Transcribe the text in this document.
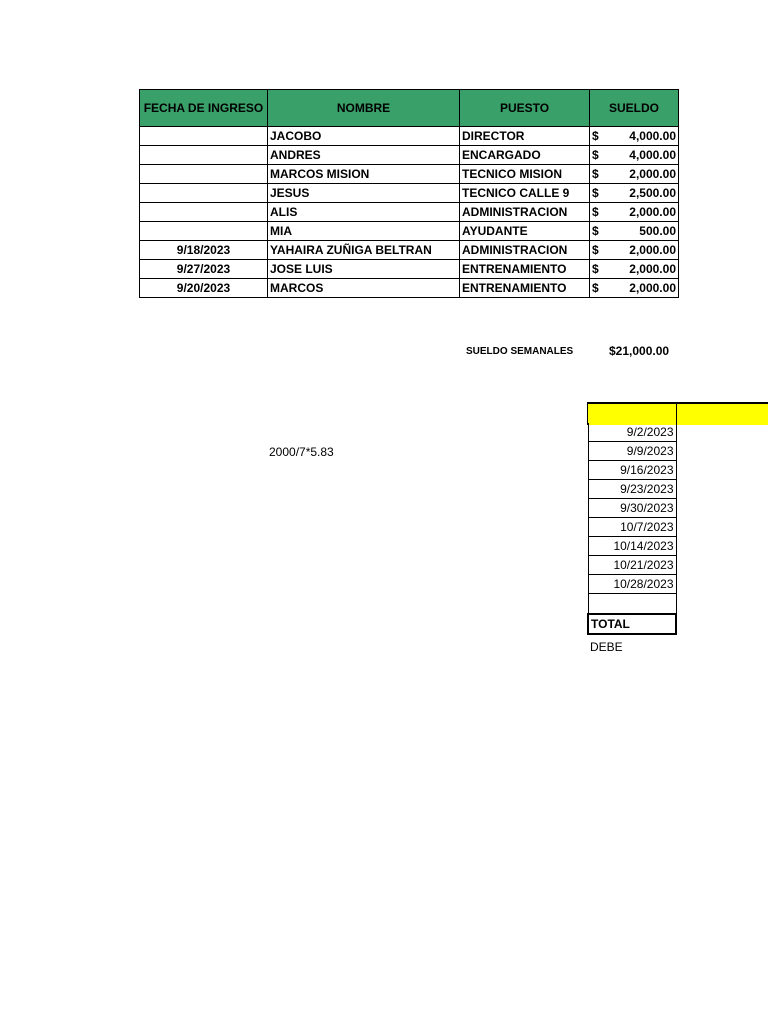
FECHA DE INGRESO	NOMBRE	PUESTO	SUELDO
	JACOBO	DIRECTOR	$ 4,000.00

	ANDRES	ENCARGADO	$ 4,000.00

	MARCOS MISION	TECNICO MISION	$ 2,000.00

	JESUS	TECNICO CALLE 9	$ 2,500.00

	ALIS	ADMINISTRACION	$ 2,000.00

	MIA	AYUDANTE	$ 500.00

9/18/2023	YAHAIRA ZUÑIGA BELTRAN	ADMINISTRACION	$ 2,000.00

9/27/2023	JOSE LUIS	ENTRENAMIENTO	$ 2,000.00

9/20/2023	MARCOS	ENTRENAMIENTO	$ 2,000.00
SUELDO SEMANALES	$21,000.00
2000/7*5.83
9/2/2023
9/9/2023
9/16/2023
9/23/2023
9/30/2023
10/7/2023
10/14/2023
10/21/2023
10/28/2023

TOTAL
DEBE
